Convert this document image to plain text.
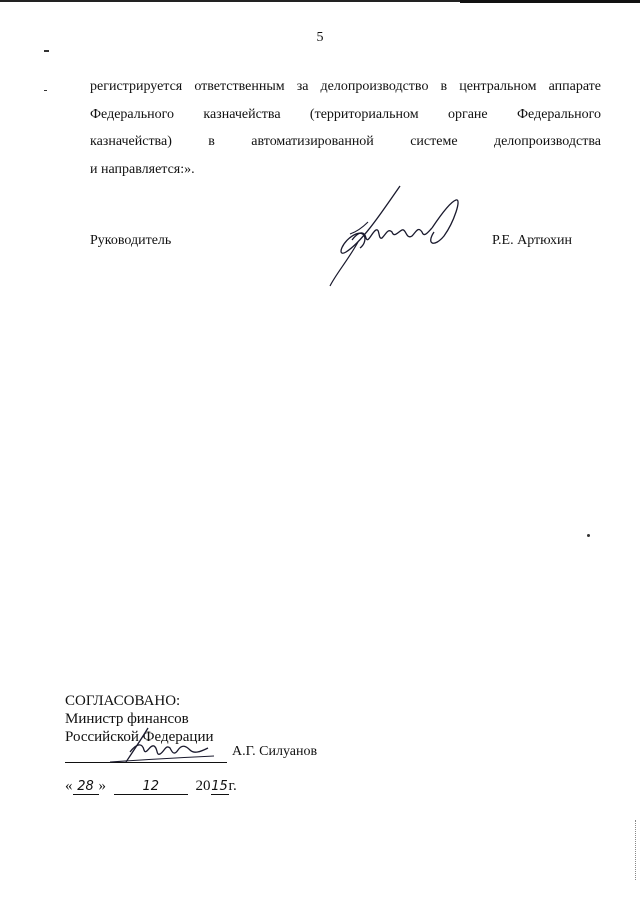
5
регистрируется ответственным за делопроизводство в центральном аппарате
Федерального казначейства (территориальном органе Федерального
казначейства) в автоматизированной системе делопроизводства
и направляется:».
Руководитель	Р.Е. Артюхин
СОГЛАСОВАНО:
Министр финансов
Российской Федерации
А.Г. Силуанов
« 28 »	12 2015г.
